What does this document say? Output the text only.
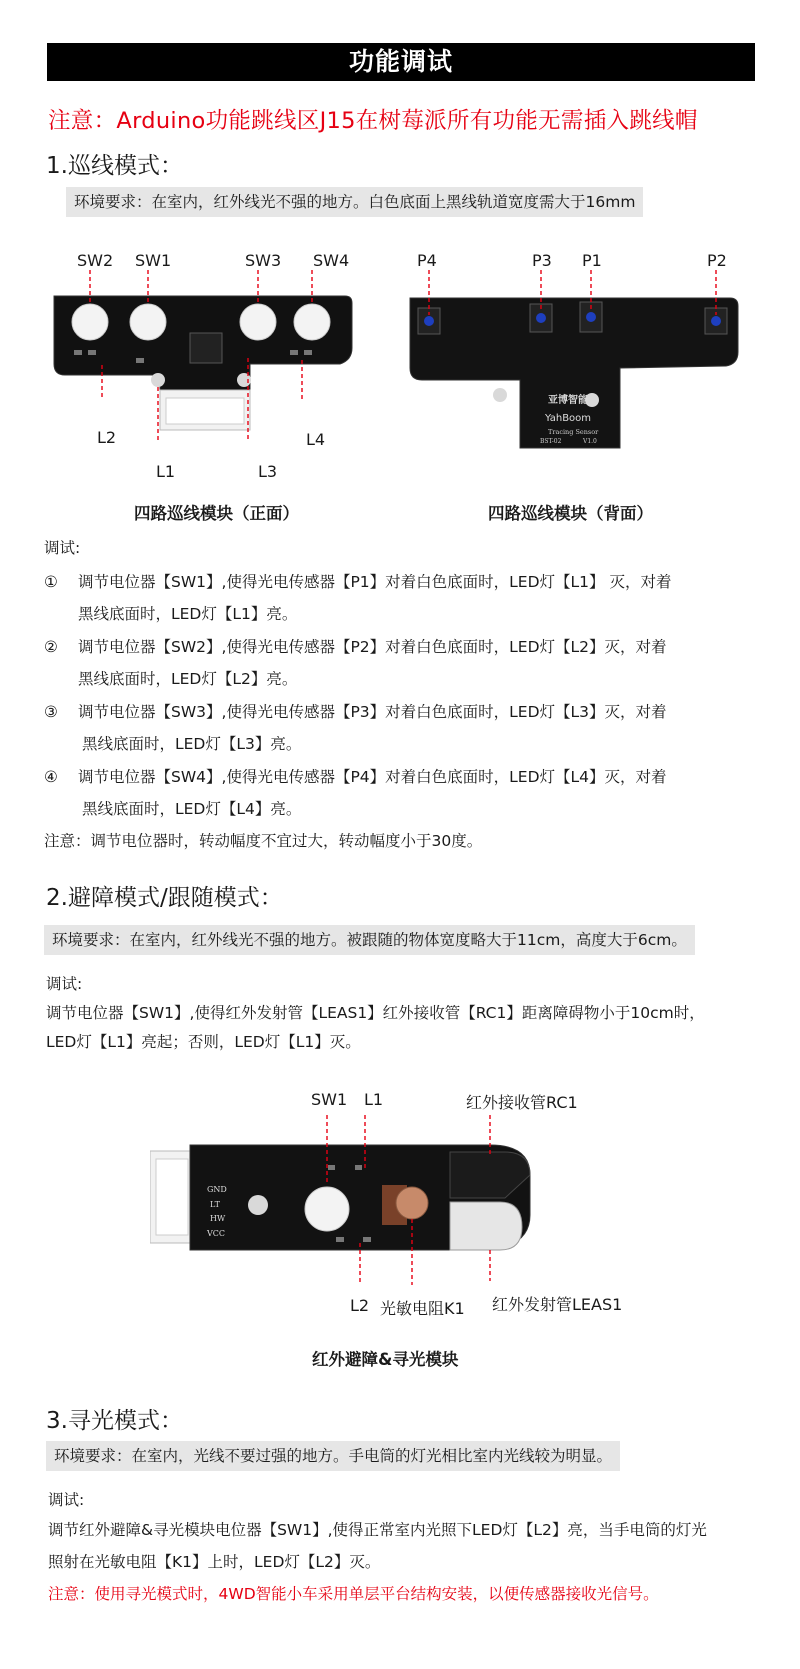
功能调试
注意：Arduino功能跳线区J15在树莓派所有功能无需插入跳线帽
1.巡线模式：
环境要求：在室内，红外线光不强的地方。白色底面上黑线轨道宽度需大于16mm
SW2 SW1	SW3 SW4
L2	L4
L1	L3
亚博智能
YahBoom
Tracing Sensor
BST-02	V1.0
P4	P3 P1	P2
四路巡线模块（正面）	四路巡线模块（背面）
调试:
① 调节电位器【SW1】,使得光电传感器【P1】对着白色底面时，LED灯【L1】 灭，对着
黑线底面时，LED灯【L1】亮。
② 调节电位器【SW2】,使得光电传感器【P2】对着白色底面时，LED灯【L2】灭，对着
黑线底面时，LED灯【L2】亮。
③ 调节电位器【SW3】,使得光电传感器【P3】对着白色底面时，LED灯【L3】灭，对着
黑线底面时，LED灯【L3】亮。
④ 调节电位器【SW4】,使得光电传感器【P4】对着白色底面时，LED灯【L4】灭，对着
黑线底面时，LED灯【L4】亮。
注意：调节电位器时，转动幅度不宜过大，转动幅度小于30度。
2.避障模式/跟随模式：
环境要求：在室内，红外线光不强的地方。被跟随的物体宽度略大于11cm，高度大于6cm。
调试:
调节电位器【SW1】,使得红外发射管【LEAS1】红外接收管【RC1】距离障碍物小于10cm时，
LED灯【L1】亮起；否则，LED灯【L1】灭。
GND
LT
HW
VCC
SW1 L1	红外接收管RC1
L2 光敏电阻K1 红外发射管LEAS1
红外避障&寻光模块
3.寻光模式：
环境要求：在室内，光线不要过强的地方。手电筒的灯光相比室内光线较为明显。
调试:
调节红外避障&寻光模块电位器【SW1】,使得正常室内光照下LED灯【L2】亮，当手电筒的灯光
照射在光敏电阻【K1】上时，LED灯【L2】灭。
注意：使用寻光模式时，4WD智能小车采用单层平台结构安装，以便传感器接收光信号。
